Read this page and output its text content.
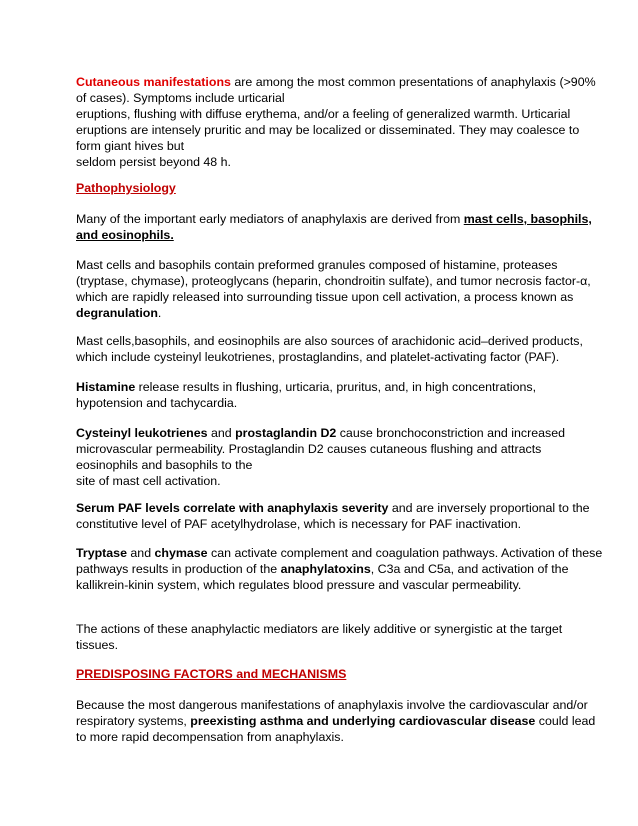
Cutaneous manifestations are among the most common presentations of anaphylaxis (>90%
of cases). Symptoms include urticarial
eruptions, flushing with diffuse erythema, and/or a feeling of generalized warmth. Urticarial
eruptions are intensely pruritic and may be localized or disseminated. They may coalesce to
form giant hives but
seldom persist beyond 48 h.
Pathophysiology
Many of the important early mediators of anaphylaxis are derived from mast cells, basophils,
and eosinophils.
Mast cells and basophils contain preformed granules composed of histamine, proteases
(tryptase, chymase), proteoglycans (heparin, chondroitin sulfate), and tumor necrosis factor-α,
which are rapidly released into surrounding tissue upon cell activation, a process known as
degranulation.
Mast cells,basophils, and eosinophils are also sources of arachidonic acid–derived products,
which include cysteinyl leukotrienes, prostaglandins, and platelet-activating factor (PAF).
Histamine release results in flushing, urticaria, pruritus, and, in high concentrations,
hypotension and tachycardia.
Cysteinyl leukotrienes and prostaglandin D2 cause bronchoconstriction and increased
microvascular permeability. Prostaglandin D2 causes cutaneous flushing and attracts
eosinophils and basophils to the
site of mast cell activation.
Serum PAF levels correlate with anaphylaxis severity and are inversely proportional to the
constitutive level of PAF acetylhydrolase, which is necessary for PAF inactivation.
Tryptase and chymase can activate complement and coagulation pathways. Activation of these
pathways results in production of the anaphylatoxins, C3a and C5a, and activation of the
kallikrein-kinin system, which regulates blood pressure and vascular permeability.
The actions of these anaphylactic mediators are likely additive or synergistic at the target
tissues.
PREDISPOSING FACTORS and MECHANISMS
Because the most dangerous manifestations of anaphylaxis involve the cardiovascular and/or
respiratory systems, preexisting asthma and underlying cardiovascular disease could lead
to more rapid decompensation from anaphylaxis.
